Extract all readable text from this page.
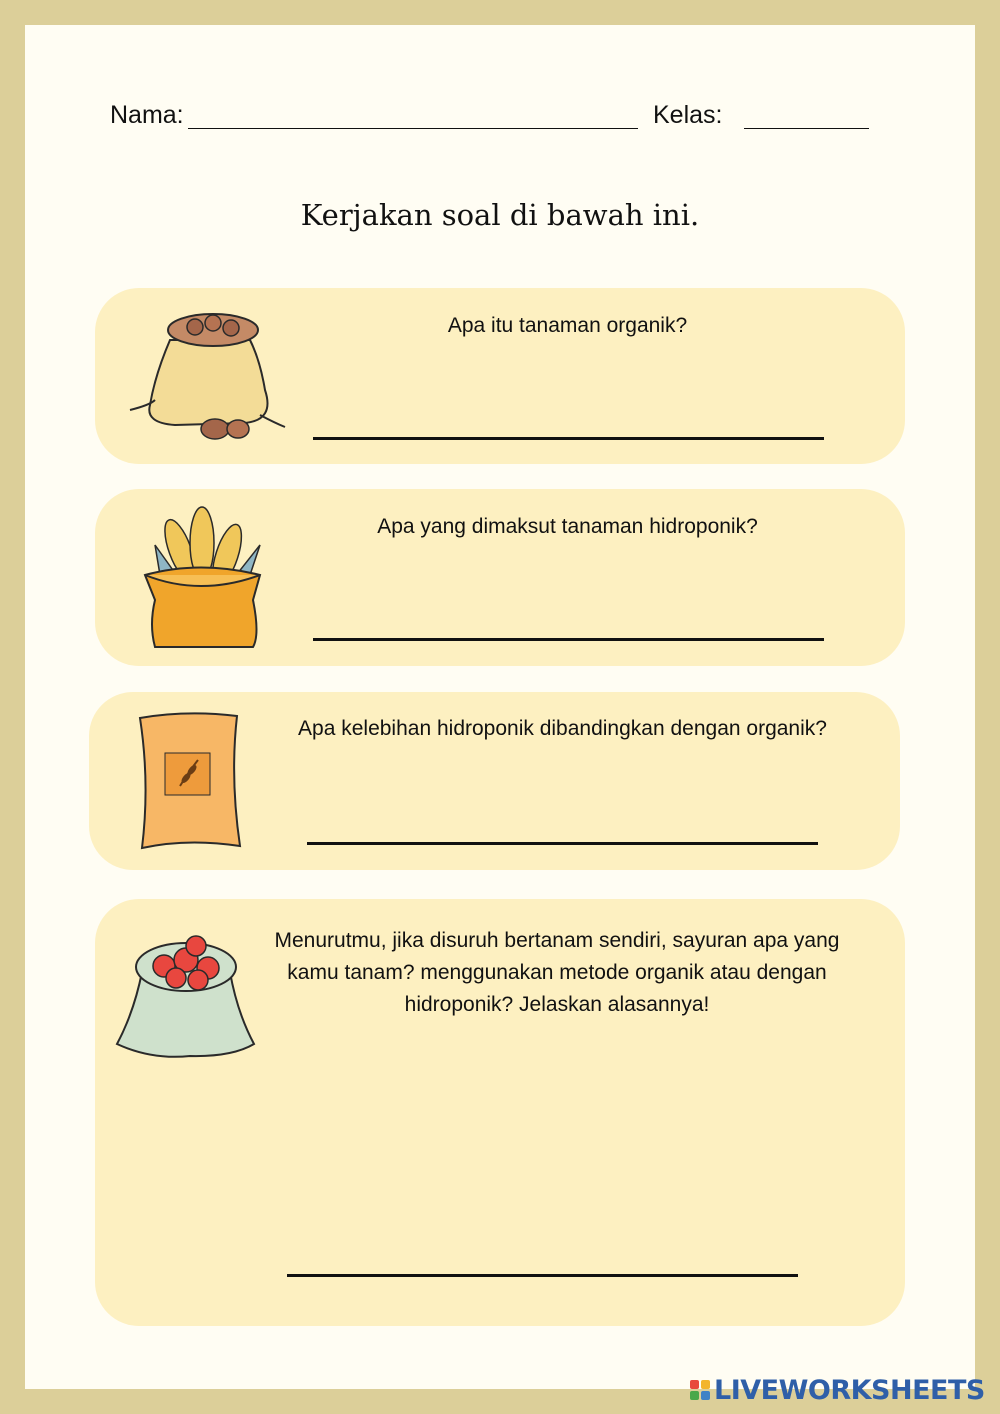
Nama:	Kelas:
Kerjakan soal di bawah ini.
Apa itu tanaman organik?
Apa yang dimaksut tanaman hidroponik?
Apa kelebihan hidroponik dibandingkan dengan organik?
Menurutmu, jika disuruh bertanam sendiri, sayuran apa yang kamu tanam? menggunakan metode organik atau dengan hidroponik? Jelaskan alasannya!
LIVEWORKSHEETS
